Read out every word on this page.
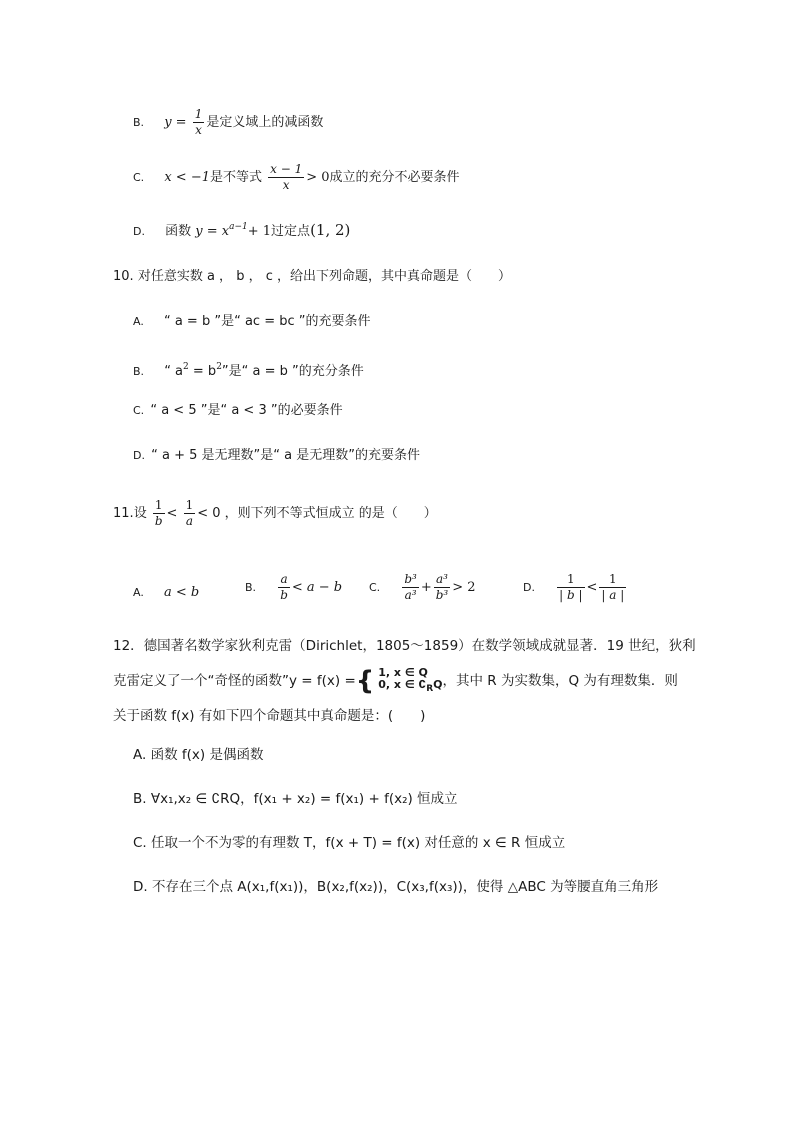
B. $y = \frac{1}{x}$ 是定义域上的减函数
C. x < −1是不等式 $\frac{x - 1}{x} > 0$成立的充分不必要条件
D. 函数 $y = x^{a-1}+ 1$过定点(1, 2)
10. 对任意实数 a ， b ， c ，给出下列命题，其中真命题是（　　）
A. “ a = b ”是“ ac = bc ”的充要条件
B. “ $a^2 = b^2$”是“ a = b ”的充分条件
C. “ a < 5 ”是“ a < 3 ”的必要条件
D. “ a + 5 是无理数”是“ a 是无理数”的充要条件
11.设 $\frac{1}{b} < \frac{1}{a} < 0$ ，则下列不等式恒成立 的是（　　）
A. a < b	B. $\frac{a}{b} < a - b$ C. $\frac{\text{b³}}{\text{a³}} + \frac{\text{a³}}{\text{b³}} > 2$	D. $\frac{1}{| b |} < \frac{1}{| a |}$
12．德国著名数学家狄利克雷（Dirichlet，1805～1859）在数学领域成就显著．19 世纪，狄利
克雷定义了一个“奇怪的函数”y = f(x) = { 1, x ∈ Q
0, x ∈ $∁_RQ$ ，其中 R 为实数集，Q 为有理数集．则
关于函数 f(x) 有如下四个命题其中真命题是：(　　)
A. 函数 f(x) 是偶函数
B. ∀x₁,x₂ ∈ ∁RQ，f(x₁ + x₂) = f(x₁) + f(x₂) 恒成立
C. 任取一个不为零的有理数 T，f(x + T) = f(x) 对任意的 x ∈ R 恒成立
D. 不存在三个点 A(x₁,f(x₁))，B(x₂,f(x₂))，C(x₃,f(x₃))，使得 △ABC 为等腰直角三角形
